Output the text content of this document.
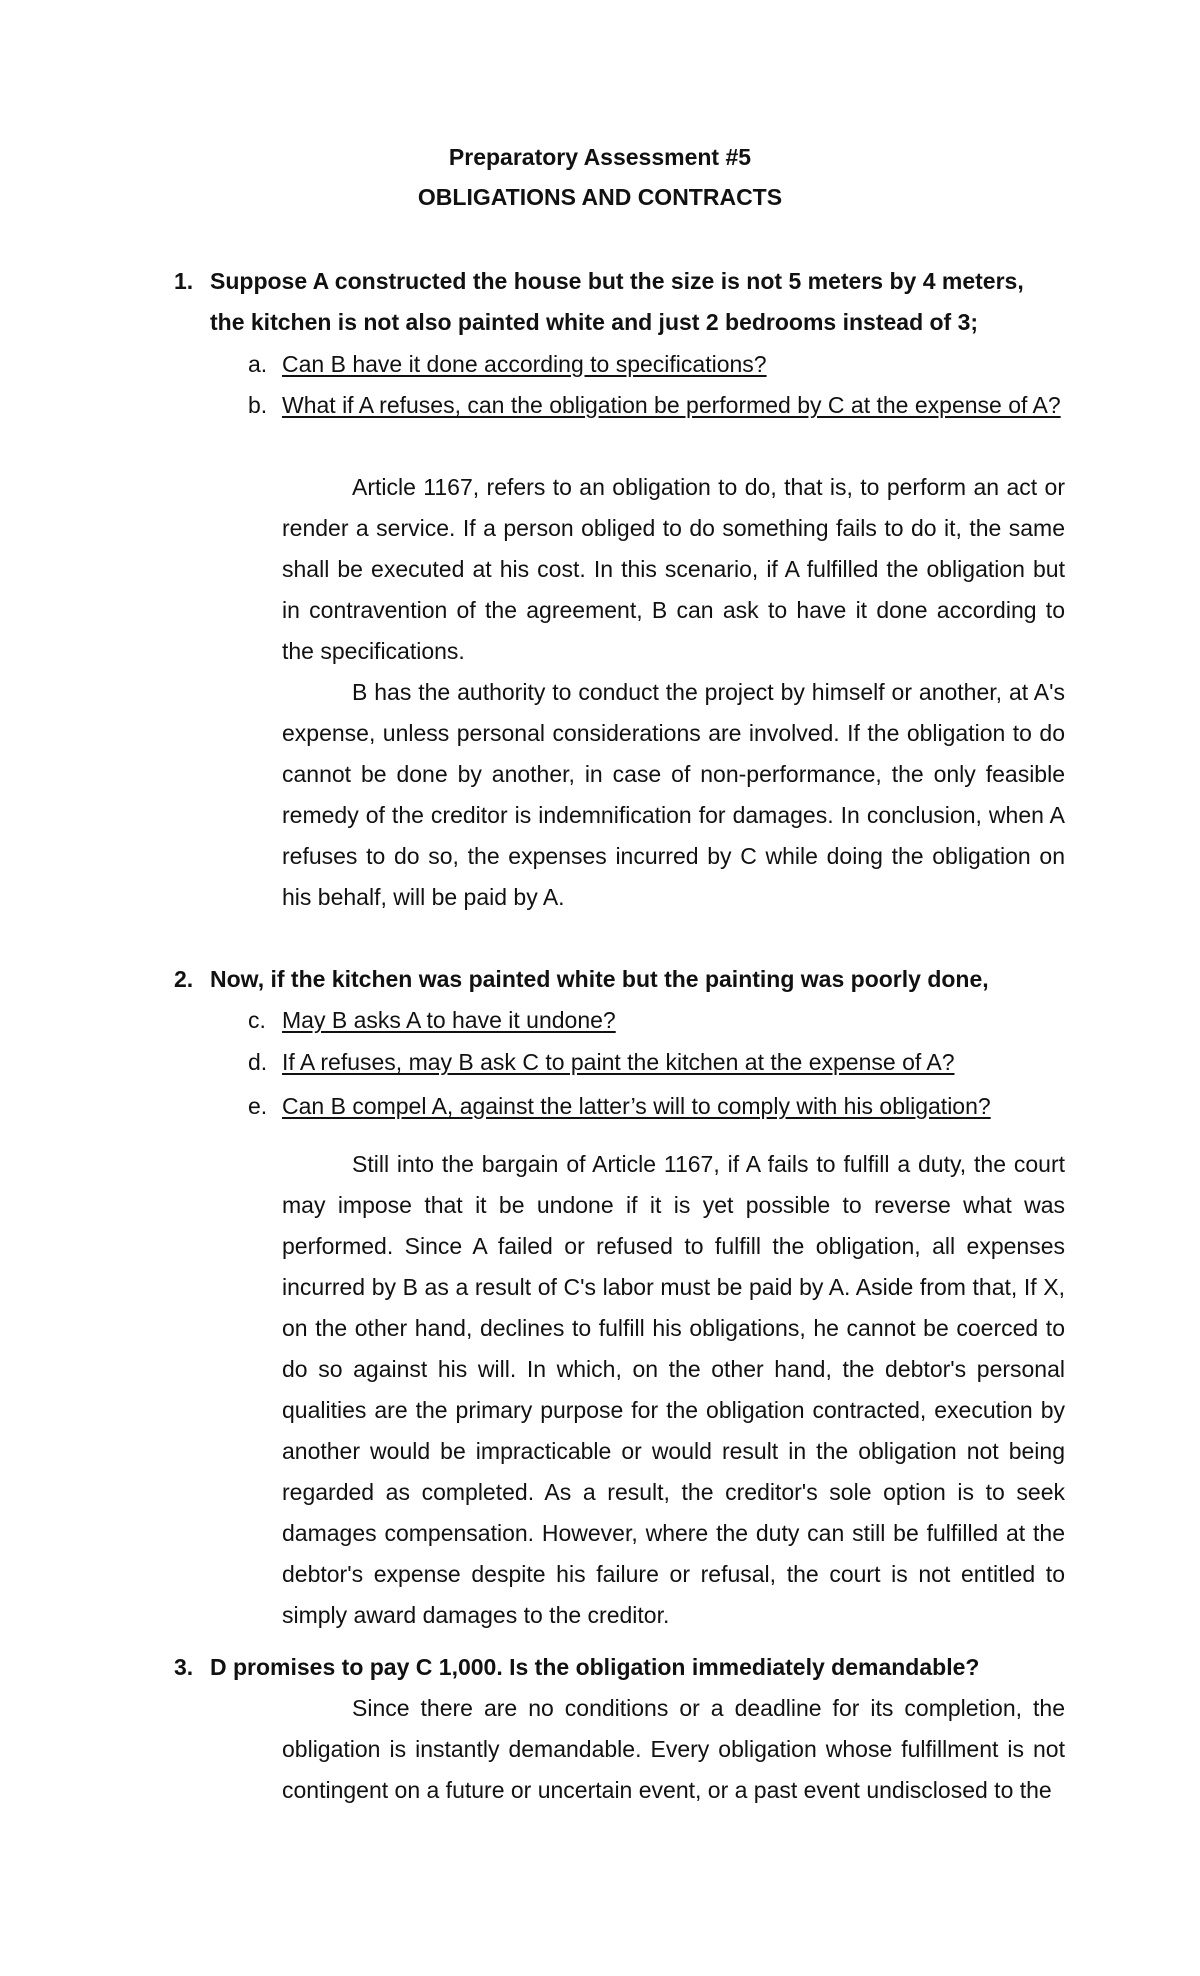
Preparatory Assessment #5
OBLIGATIONS AND CONTRACTS
1. Suppose A constructed the house but the size is not 5 meters by 4 meters, the kitchen is not also painted white and just 2 bedrooms instead of 3;
a. Can B have it done according to specifications?
b. What if A refuses, can the obligation be performed by C at the expense of A?

Article 1167, refers to an obligation to do, that is, to perform an act or render a service. If a person obliged to do something fails to do it, the same shall be executed at his cost. In this scenario, if A fulfilled the obligation but in contravention of the agreement, B can ask to have it done according to the specifications.

B has the authority to conduct the project by himself or another, at A's expense, unless personal considerations are involved. If the obligation to do cannot be done by another, in case of non-performance, the only feasible remedy of the creditor is indemnification for damages. In conclusion, when A refuses to do so, the expenses incurred by C while doing the obligation on his behalf, will be paid by A.

2. Now, if the kitchen was painted white but the painting was poorly done,
c. May B asks A to have it undone?
d. If A refuses, may B ask C to paint the kitchen at the expense of A?
e. Can B compel A, against the latter’s will to comply with his obligation?

Still into the bargain of Article 1167, if A fails to fulfill a duty, the court may impose that it be undone if it is yet possible to reverse what was performed. Since A failed or refused to fulfill the obligation, all expenses incurred by B as a result of C's labor must be paid by A. Aside from that, If X, on the other hand, declines to fulfill his obligations, he cannot be coerced to do so against his will. In which, on the other hand, the debtor's personal qualities are the primary purpose for the obligation contracted, execution by another would be impracticable or would result in the obligation not being regarded as completed. As a result, the creditor's sole option is to seek damages compensation. However, where the duty can still be fulfilled at the debtor's expense despite his failure or refusal, the court is not entitled to simply award damages to the creditor.

3. D promises to pay C 1,000. Is the obligation immediately demandable?

Since there are no conditions or a deadline for its completion, the obligation is instantly demandable. Every obligation whose fulfillment is not contingent on a future or uncertain event, or a past event undisclosed to the
